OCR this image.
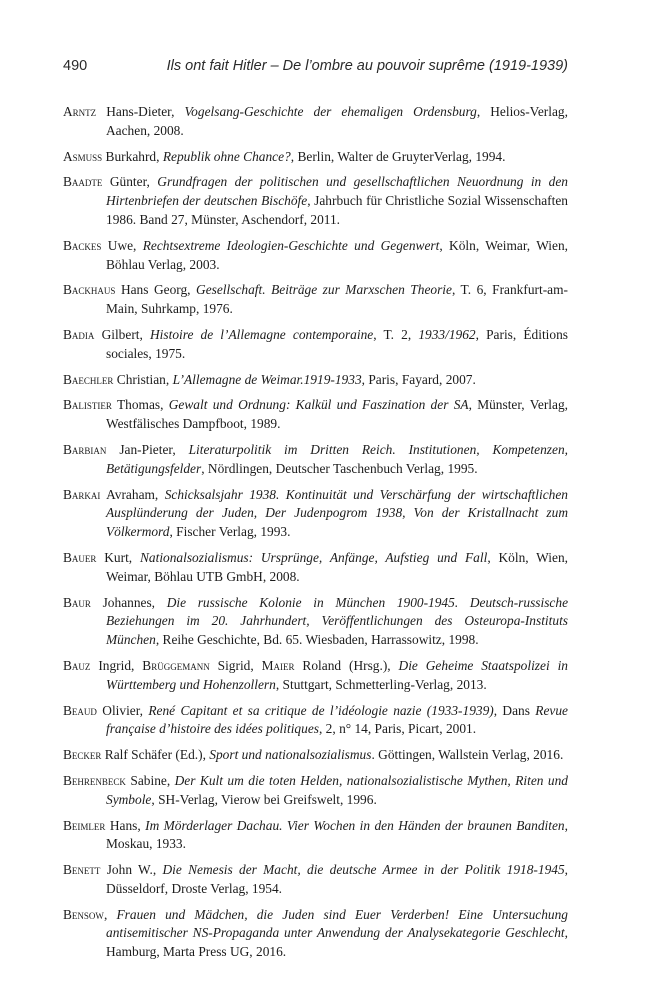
490	Ils ont fait Hitler – De l’ombre au pouvoir suprême (1919-1939)

Arntz Hans-Dieter, Vogelsang-Geschichte der ehemaligen Ordensburg, Helios-Verlag, Aachen, 2008.

Asmuss Burkahrd, Republik ohne Chance?, Berlin, Walter de GruyterVerlag, 1994.

Baadte Günter, Grundfragen der politischen und gesellschaftlichen Neuordnung in den Hirtenbriefen der deutschen Bischöfe, Jahrbuch für Christliche Sozial Wissenschaften 1986. Band 27, Münster, Aschendorf, 2011.

Backes Uwe, Rechtsextreme Ideologien-Geschichte und Gegenwert, Köln, Weimar, Wien, Böhlau Verlag, 2003.

Backhaus Hans Georg, Gesellschaft. Beiträge zur Marxschen Theorie, T. 6, Frankfurt-am-Main, Suhrkamp, 1976.

Badia Gilbert, Histoire de l’Allemagne contemporaine, T. 2, 1933/1962, Paris, Éditions sociales, 1975.

Baechler Christian, L’Allemagne de Weimar.1919-1933, Paris, Fayard, 2007.

Balistier Thomas, Gewalt und Ordnung: Kalkül und Faszination der SA, Münster, Verlag, Westfälisches Dampfboot, 1989.

Barbian Jan-Pieter, Literaturpolitik im Dritten Reich. Institutionen, Kompetenzen, Betätigungsfelder, Nördlingen, Deutscher Taschenbuch Verlag, 1995.

Barkai Avraham, Schicksalsjahr 1938. Kontinuität und Verschärfung der wirtschaftlichen Ausplünderung der Juden, Der Judenpogrom 1938, Von der Kristallnacht zum Völkermord, Fischer Verlag, 1993.

Bauer Kurt, Nationalsozialismus: Ursprünge, Anfänge, Aufstieg und Fall, Köln, Wien, Weimar, Böhlau UTB GmbH, 2008.

Baur Johannes, Die russische Kolonie in München 1900-1945. Deutsch-russische Beziehungen im 20. Jahrhundert, Veröffentlichungen des Osteuropa-Instituts München, Reihe Geschichte, Bd. 65. Wiesbaden, Harrassowitz, 1998.

Bauz Ingrid, Brüggemann Sigrid, Maier Roland (Hrsg.), Die Geheime Staatspolizei in Württemberg und Hohenzollern, Stuttgart, Schmetterling-Verlag, 2013.

Beaud Olivier, René Capitant et sa critique de l’idéologie nazie (1933-1939), Dans Revue française d’histoire des idées politiques, 2, n° 14, Paris, Picart, 2001.

Becker Ralf Schäfer (Ed.), Sport und nationalsozialismus. Göttingen, Wallstein Verlag, 2016.

Behrenbeck Sabine, Der Kult um die toten Helden, nationalsozialistische Mythen, Riten und Symbole, SH-Verlag, Vierow bei Greifswelt, 1996.

Beimler Hans, Im Mörderlager Dachau. Vier Wochen in den Händen der braunen Banditen, Moskau, 1933.

Benett John W., Die Nemesis der Macht, die deutsche Armee in der Politik 1918-1945, Düsseldorf, Droste Verlag, 1954.

Bensow, Frauen und Mädchen, die Juden sind Euer Verderben! Eine Untersuchung antisemitischer NS-Propaganda unter Anwendung der Analysekategorie Geschlecht, Hamburg, Marta Press UG, 2016.
